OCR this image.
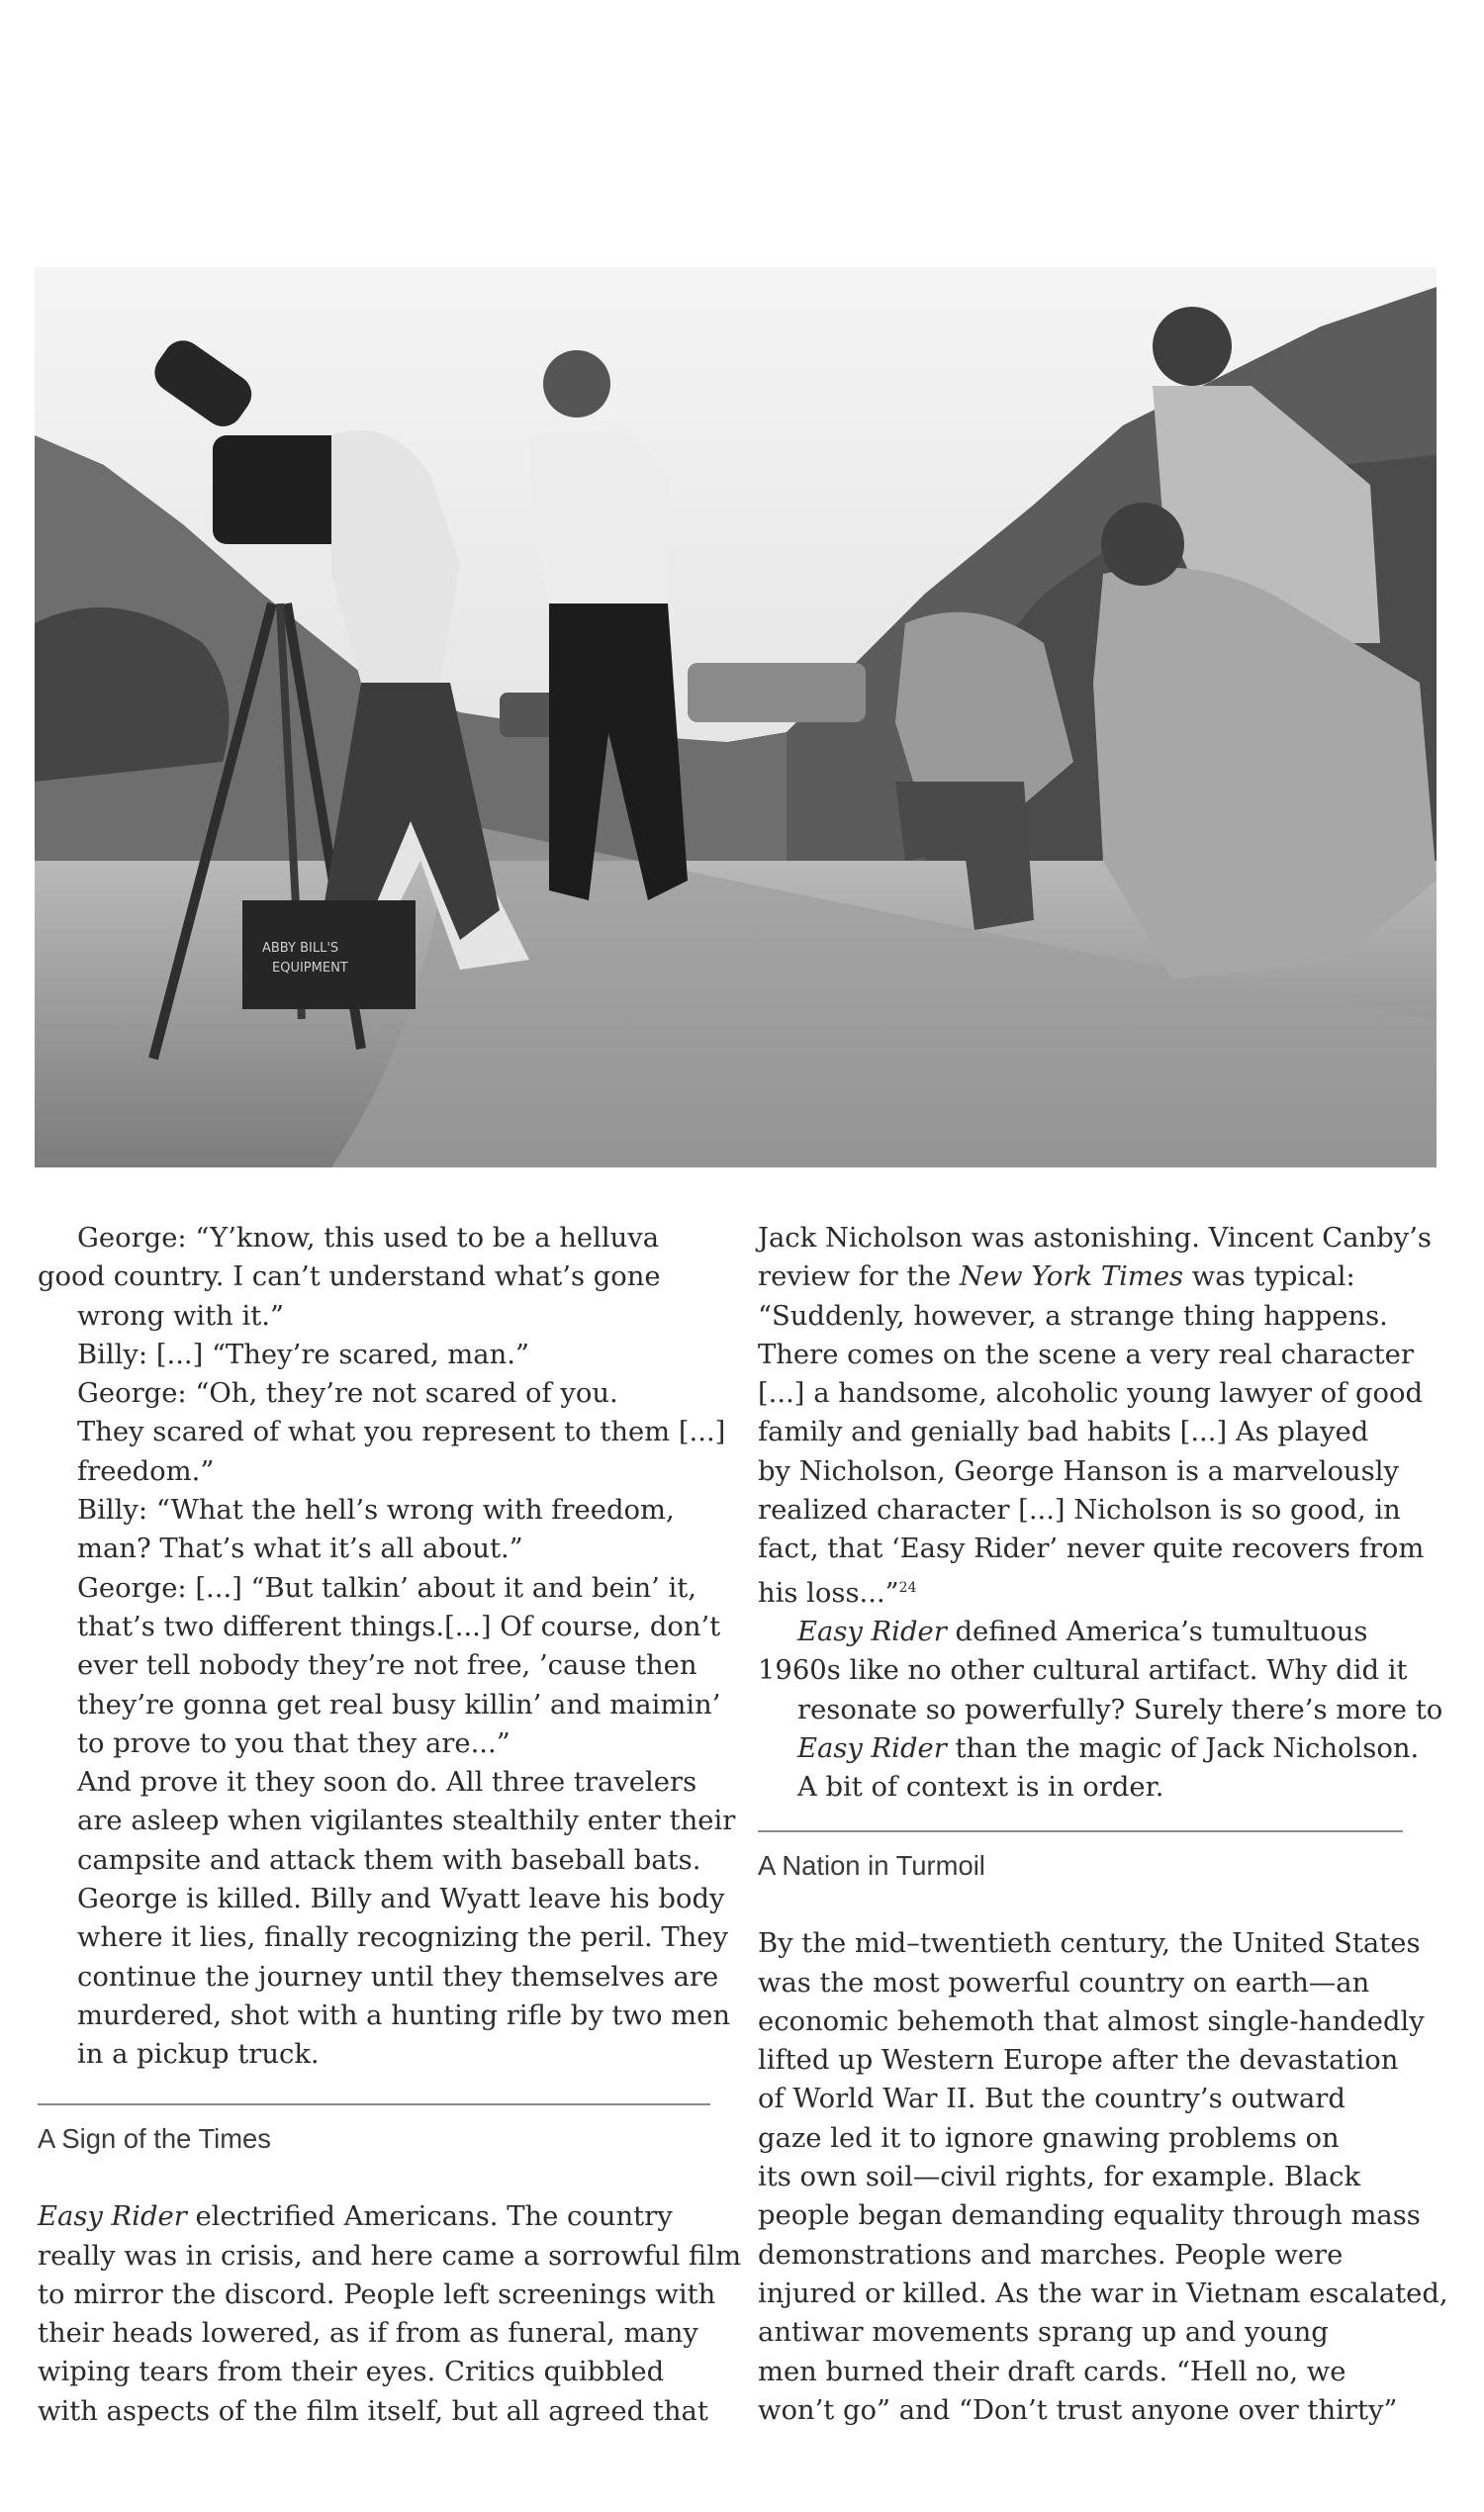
ABBY BILL'S
EQUIPMENT

George: “Y’know, this used to be a helluva
good country. I can’t understand what’s gone
wrong with it.”

Billy: [...] “They’re scared, man.”

George: “Oh, they’re not scared of you.
They scared of what you represent to them [...]
freedom.”

Billy: “What the hell’s wrong with freedom,
man? That’s what it’s all about.”

George: [...] “But talkin’ about it and bein’ it,
that’s two different things.[...] Of course, don’t
ever tell nobody they’re not free, ’cause then
they’re gonna get real busy killin’ and maimin’
to prove to you that they are...”

And prove it they soon do. All three travelers
are asleep when vigilantes stealthily enter their
campsite and attack them with baseball bats.
George is killed. Billy and Wyatt leave his body
where it lies, finally recognizing the peril. They
continue the journey until they themselves are
murdered, shot with a hunting rifle by two men
in a pickup truck.

A Sign of the Times

Easy Rider electrified Americans. The country
really was in crisis, and here came a sorrowful film
to mirror the discord. People left screenings with
their heads lowered, as if from as funeral, many
wiping tears from their eyes. Critics quibbled
with aspects of the film itself, but all agreed that

Jack Nicholson was astonishing. Vincent Canby’s
review for the New York Times was typical:
“Suddenly, however, a strange thing happens.
There comes on the scene a very real character
[...] a handsome, alcoholic young lawyer of good
family and genially bad habits [...] As played
by Nicholson, George Hanson is a marvelously
realized character [...] Nicholson is so good, in
fact, that ‘Easy Rider’ never quite recovers from
his loss...”$^{24}$

Easy Rider defined America’s tumultuous
1960s like no other cultural artifact. Why did it
resonate so powerfully? Surely there’s more to
Easy Rider than the magic of Jack Nicholson.
A bit of context is in order.

A Nation in Turmoil

By the mid–twentieth century, the United States
was the most powerful country on earth—an
economic behemoth that almost single-handedly
lifted up Western Europe after the devastation
of World War II. But the country’s outward
gaze led it to ignore gnawing problems on
its own soil—civil rights, for example. Black
people began demanding equality through mass
demonstrations and marches. People were
injured or killed. As the war in Vietnam escalated,
antiwar movements sprang up and young
men burned their draft cards. “Hell no, we
won’t go” and “Don’t trust anyone over thirty”
